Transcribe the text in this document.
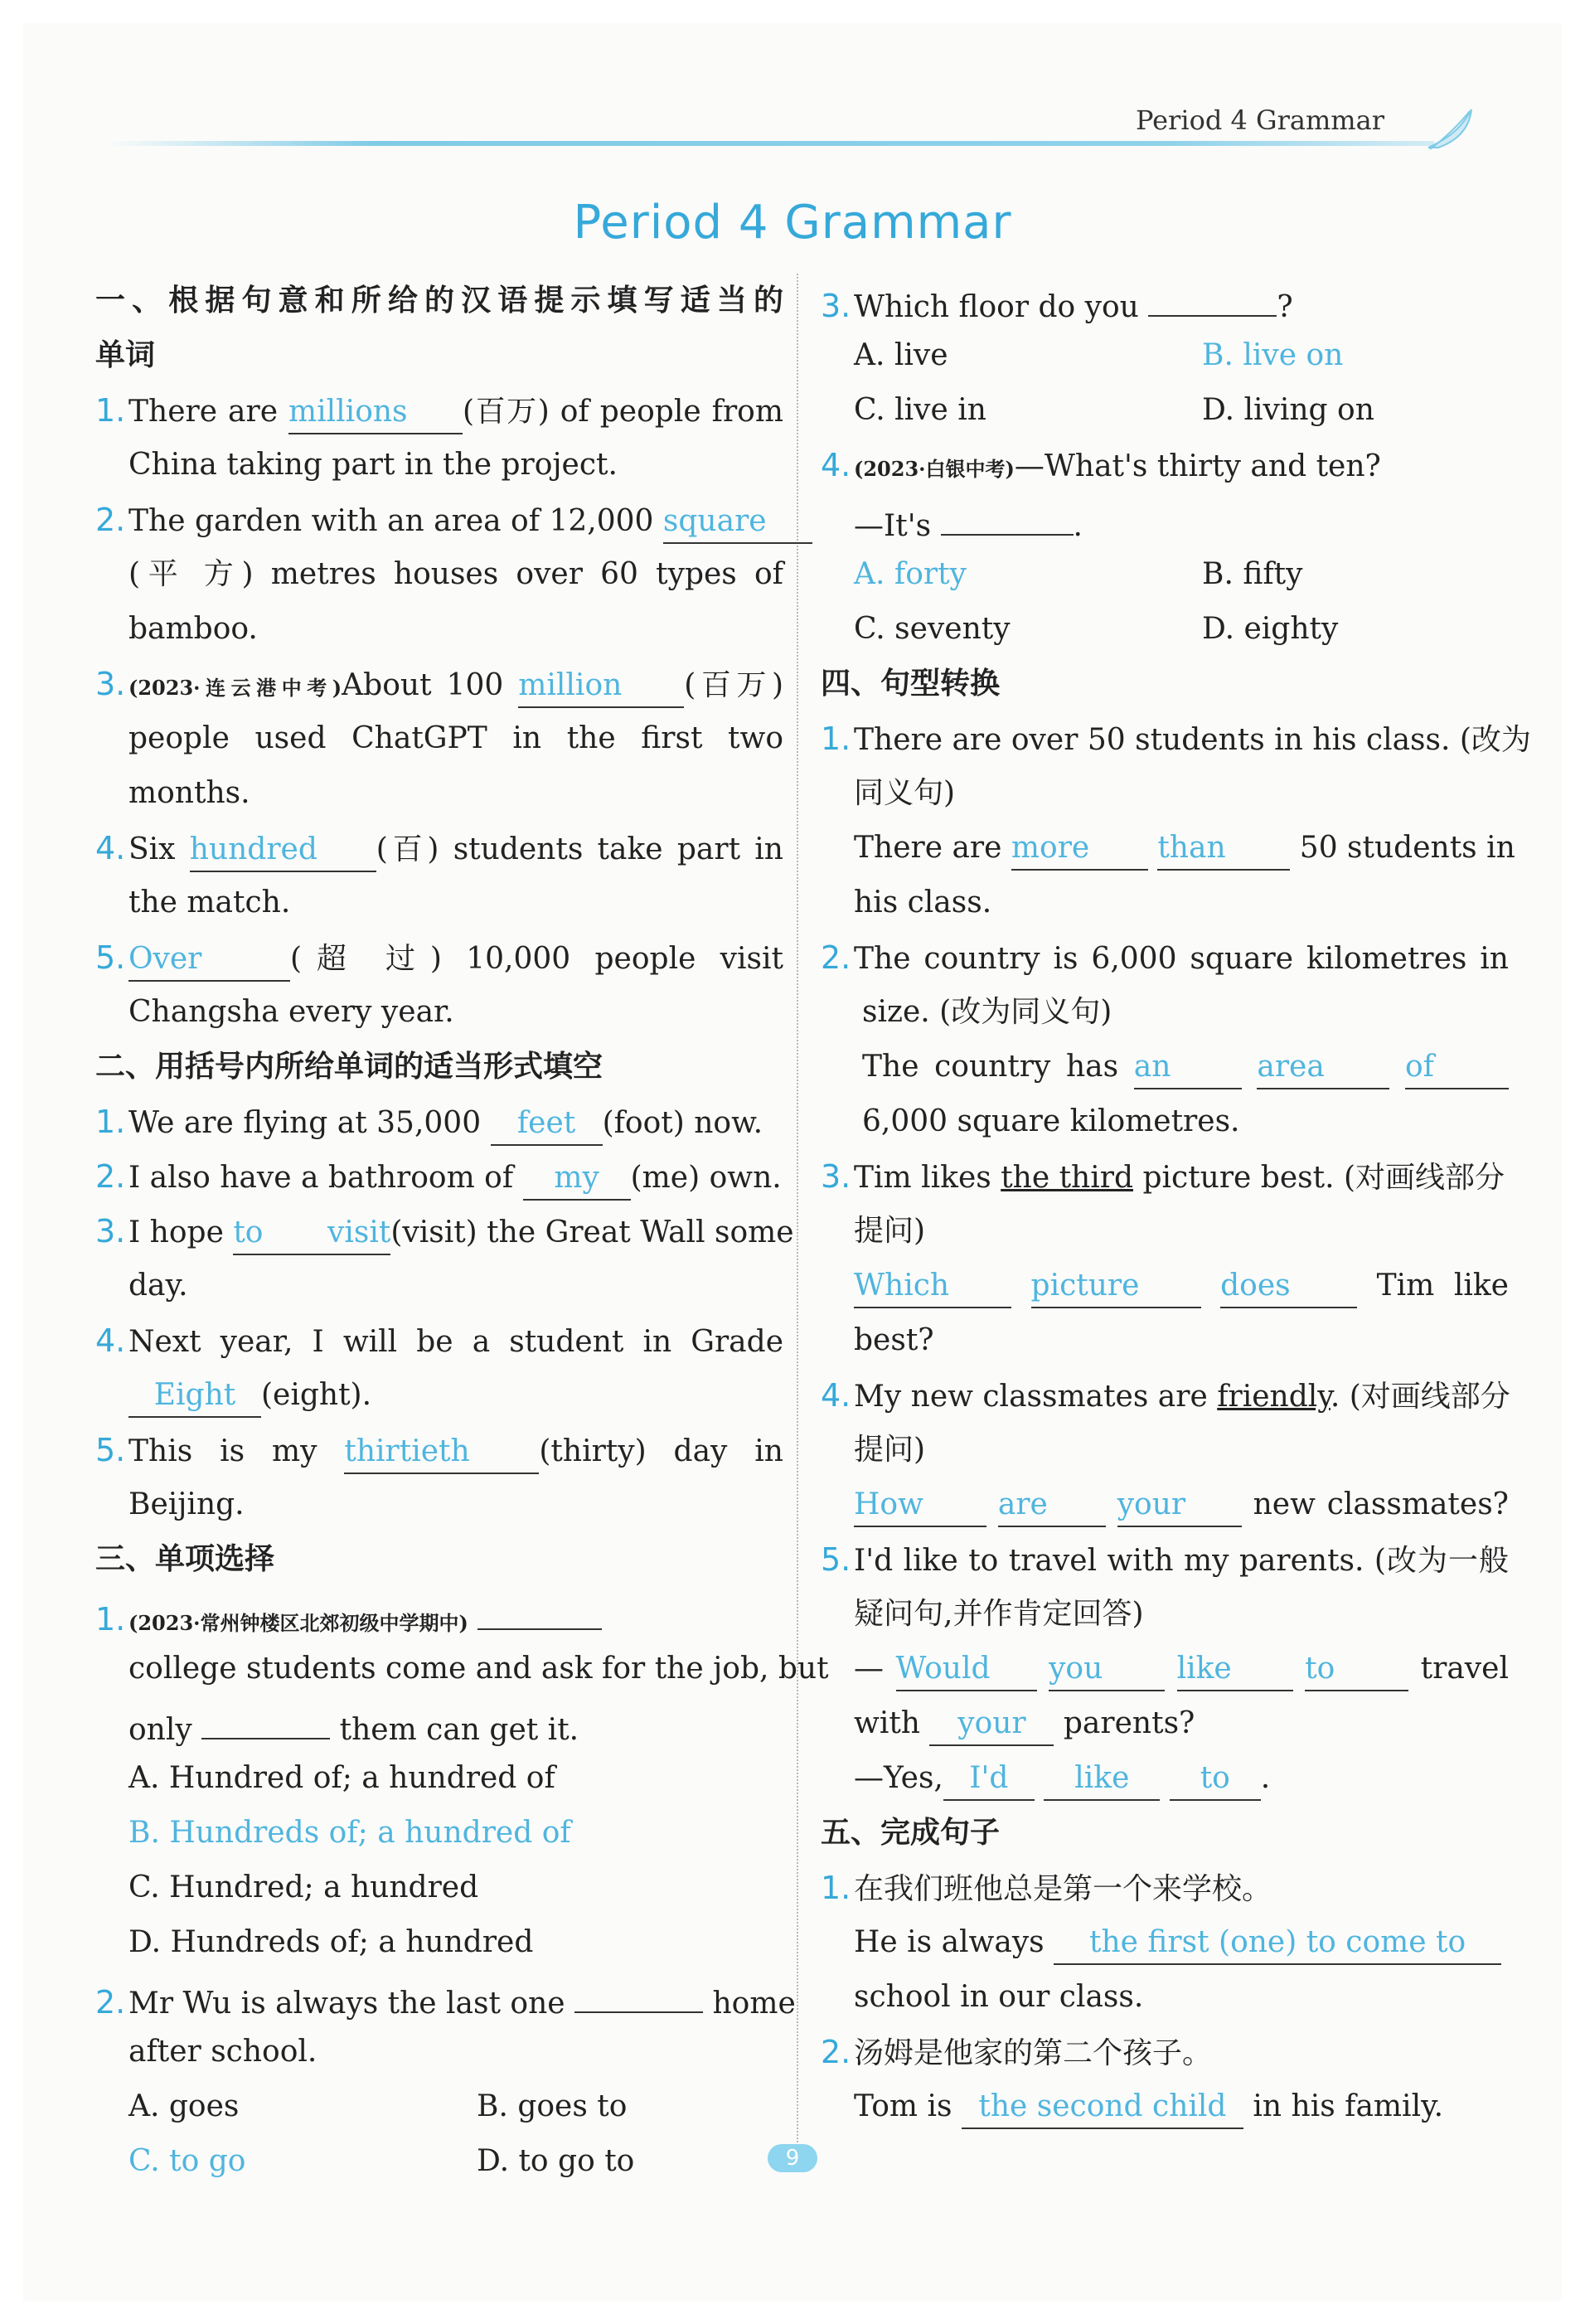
Period 4 Grammar
Period 4 Grammar
一、根据句意和所给的汉语提示填写适当的
单词
1. There are millions (百万) of people from
China taking part in the project.
2. The garden with an area of 12,000 square
(平 方) metres houses over 60 types of
bamboo.
3. (2023·连云港中考)About 100 million (百万)
people used ChatGPT in the first two
months.
4. Six hundred (百) students take part in
the match.
5. Over	(超 过) 10,000 people visit
Changsha every year.
二、用括号内所给单词的适当形式填空
1. We are flying at 35,000 feet (foot) now.
2. I also have a bathroom of my (me) own.
3. I hope to visit(visit) the Great Wall some
day.
4. Next year, I will be a student in Grade
Eight (eight).
5. This is my thirtieth (thirty) day in
Beijing.
三、单项选择
1. (2023·常州钟楼区北郊初级中学期中)
college students come and ask for the job, but
only	them can get it.
A. Hundred of; a hundred of
B. Hundreds of; a hundred of
C. Hundred; a hundred
D. Hundreds of; a hundred
2. Mr Wu is always the last one	home
after school.
A. goes	B. goes to
C. to go	D. to go to
3. Which floor do you	?
A. live	B. live on
C. live in	D. living on
4. (2023·白银中考)—What's thirty and ten?
—It's	.
A. forty	B. fifty
C. seventy	D. eighty
四、句型转换
1. There are over 50 students in his class. (改为
同义句)
There are more than 50 students in
his class.
2. The country is 6,000 square kilometres in
size. (改为同义句)
The country has an	area	of
6,000 square kilometres.
3. Tim likes the third picture best. (对画线部分
提问)
Which	picture	does	Tim like
best?
4. My new classmates are friendly. (对画线部分
提问)
How are your new classmates?
5. I'd like to travel with my parents. (改为一般
疑问句,并作肯定回答)
— Would you like to	travel
with your parents?
—Yes, I'd like to .
五、完成句子
1. 在我们班他总是第一个来学校。
He is always the first (one) to come to
school in our class.
2. 汤姆是他家的第二个孩子。
Tom is the second child in his family.
9
